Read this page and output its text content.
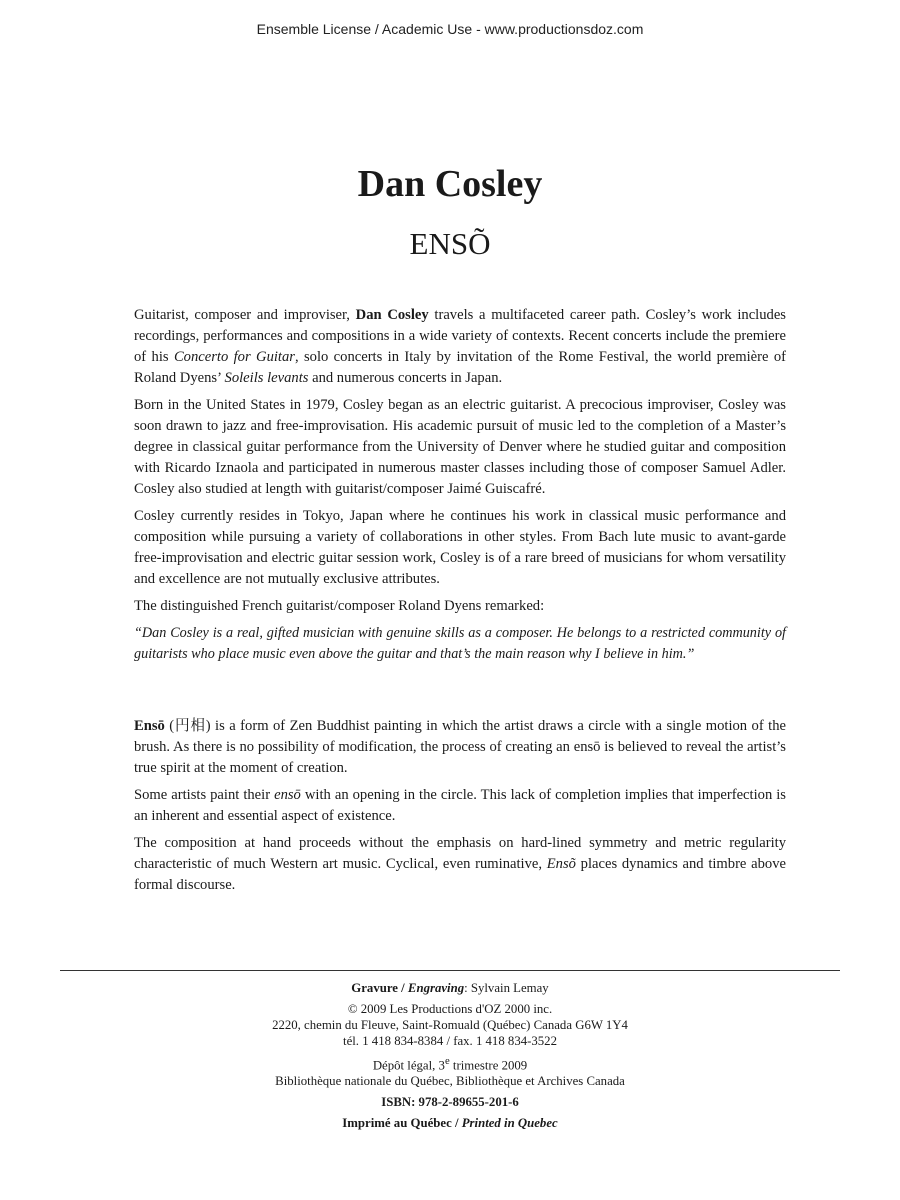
Ensemble License / Academic Use - www.productionsdoz.com
Dan Cosley
ENSÕ

Guitarist, composer and improviser, Dan Cosley travels a multifaceted career path. Cosley’s work includes recordings, performances and compositions in a wide variety of contexts. Recent concerts include the premiere of his Concerto for Guitar, solo concerts in Italy by invitation of the Rome Festival, the world première of Roland Dyens’ Soleils levants and numerous concerts in Japan.

Born in the United States in 1979, Cosley began as an electric guitarist. A precocious improviser, Cosley was soon drawn to jazz and free-improvisation. His academic pursuit of music led to the completion of a Master’s degree in classical guitar performance from the University of Denver where he studied guitar and composition with Ricardo Iznaola and participated in numerous master classes including those of composer Samuel Adler. Cosley also studied at length with guitarist/composer Jaimé Guiscafré.

Cosley currently resides in Tokyo, Japan where he continues his work in classical music performance and composition while pursuing a variety of collaborations in other styles. From Bach lute music to avant-garde free-improvisation and electric guitar session work, Cosley is of a rare breed of musicians for whom versatility and excellence are not mutually exclusive attributes.

The distinguished French guitarist/composer Roland Dyens remarked:

“Dan Cosley is a real, gifted musician with genuine skills as a composer. He belongs to a restricted community of guitarists who place music even above the guitar and that’s the main reason why I believe in him.”

Ensō (円相) is a form of Zen Buddhist painting in which the artist draws a circle with a single motion of the brush. As there is no possibility of modification, the process of creating an ensō is believed to reveal the artist’s true spirit at the moment of creation.

Some artists paint their ensō with an opening in the circle. This lack of completion implies that imperfection is an inherent and essential aspect of existence.

The composition at hand proceeds without the emphasis on hard-lined symmetry and metric regularity characteristic of much Western art music. Cyclical, even ruminative, Ensõ places dynamics and timbre above formal discourse.

Gravure / Engraving: Sylvain Lemay
© 2009 Les Productions d'OZ 2000 inc.
2220, chemin du Fleuve, Saint-Romuald (Québec) Canada G6W 1Y4
tél. 1 418 834-8384 / fax. 1 418 834-3522
Dépôt légal, 3e trimestre 2009
Bibliothèque nationale du Québec, Bibliothèque et Archives Canada
ISBN: 978-2-89655-201-6
Imprimé au Québec / Printed in Quebec
